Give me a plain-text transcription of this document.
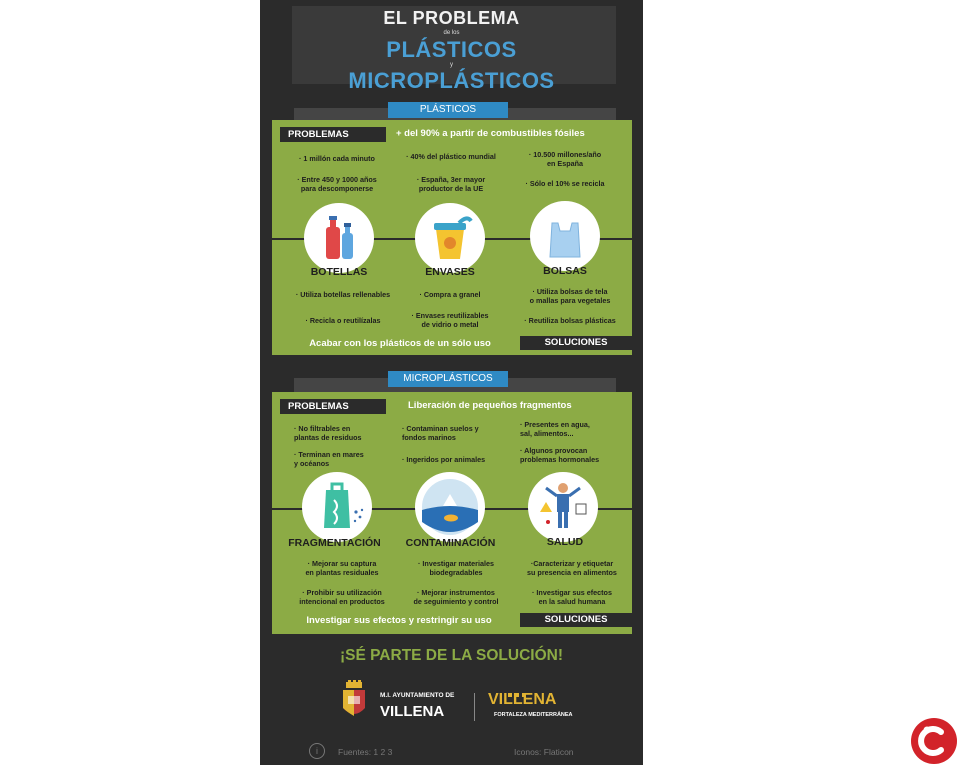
EL PROBLEMA
de los
PLÁSTICOS
y
MICROPLÁSTICOS
PLÁSTICOS
PROBLEMAS	+ del 90% a partir de combustibles fósiles
· 1 millón cada minuto	· 40% del plástico mundial	· 10.500 millones/año
en España
· Entre 450 y 1000 años
para descomponerse
· España, 3er mayor
productor de la UE
· Sólo el 10% se recicla
BOTELLAS	ENVASES	BOLSAS
· Utiliza botellas rellenables
· Recicla o reutilízalas
· Compra a granel
· Envases reutilizables
de vidrio o metal
· Utiliza bolsas de tela
o mallas para vegetales
· Reutiliza bolsas plásticas
Acabar con los plásticos de un sólo uso	SOLUCIONES
MICROPLÁSTICOS
PROBLEMAS	Liberación de pequeños fragmentos
· No filtrables en
plantas de residuos
· Contaminan suelos y
fondos marinos
· Presentes en agua,
sal, alimentos...
· Terminan en mares
y océanos	· Ingeridos por animales
· Algunos provocan
problemas hormonales
FRAGMENTACIÓN	CONTAMINACIÓN	SALUD
· Mejorar su captura
en plantas residuales
· Prohibir su utilización
intencional en productos
· Investigar materiales
biodegradables
· Mejorar instrumentos
de seguimiento y control
·Caracterizar y etiquetar
su presencia en alimentos
· Investigar sus efectos
en la salud humana
Investigar sus efectos y restringir su uso	SOLUCIONES
¡SÉ PARTE DE LA SOLUCIÓN!
M.I. AYUNTAMIENTO DE
VILLENA
VILLENA
FORTALEZA MEDITERRÁNEA
i	Fuentes: 1 2 3	Iconos: Flaticon
